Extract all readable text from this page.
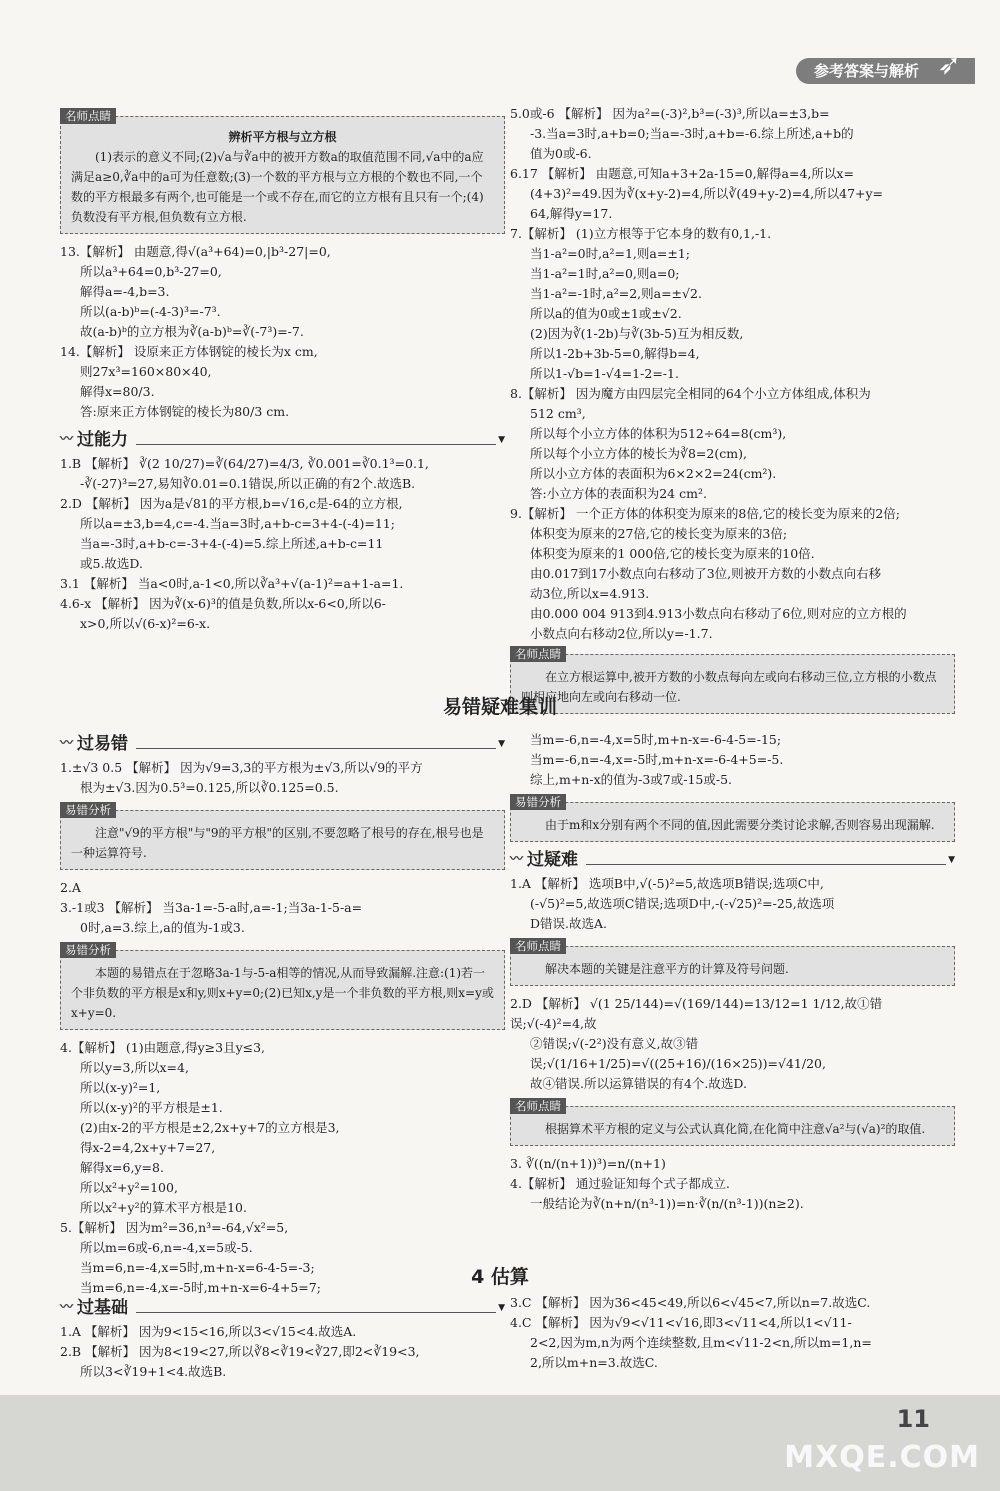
参考答案与解析 ➶
名师点睛
辨析平方根与立方根
(1)表示的意义不同;(2)√a与∛a中的被开方数a的取值范围不同,√a中的a应满足a≥0,∛a中的a可为任意数;(3)一个数的平方根与立方根的个数也不同,一个数的平方根最多有两个,也可能是一个或不存在,而它的立方根有且只有一个;(4)负数没有平方根,但负数有立方根.
13.【解析】 由题意,得√(a³+64)=0,|b³-27|=0,
所以a³+64=0,b³-27=0,
解得a=-4,b=3.
所以(a-b)ᵇ=(-4-3)³=-7³.
故(a-b)ᵇ的立方根为∛(a-b)ᵇ=∛(-7³)=-7.
14.【解析】 设原来正方体钢锭的棱长为x cm,
则27x³=160×80×40,
解得x=80/3.
答:原来正方体钢锭的棱长为80/3 cm.
〰 过能力	▼
1.B 【解析】 ∛(2 10/27)=∛(64/27)=4/3, ∛0.001=∛0.1³=0.1,
-∛(-27)³=27,易知∛0.01=0.1错误,所以正确的有2个.故选B.
2.D 【解析】 因为a是√81的平方根,b=√16,c是-64的立方根,
所以a=±3,b=4,c=-4.当a=3时,a+b-c=3+4-(-4)=11;
当a=-3时,a+b-c=-3+4-(-4)=5.综上所述,a+b-c=11
或5.故选D.
3.1 【解析】 当a<0时,a-1<0,所以∛a³+√(a-1)²=a+1-a=1.
4.6-x 【解析】 因为∛(x-6)³的值是负数,所以x-6<0,所以6-
x>0,所以√(6-x)²=6-x.
5.0或-6 【解析】 因为a²=(-3)²,b³=(-3)³,所以a=±3,b=
-3.当a=3时,a+b=0;当a=-3时,a+b=-6.综上所述,a+b的
值为0或-6.
6.17 【解析】 由题意,可知a+3+2a-15=0,解得a=4,所以x=
(4+3)²=49.因为∛(x+y-2)=4,所以∛(49+y-2)=4,所以47+y=
64,解得y=17.
7.【解析】 (1)立方根等于它本身的数有0,1,-1.
当1-a²=0时,a²=1,则a=±1;
当1-a²=1时,a²=0,则a=0;
当1-a²=-1时,a²=2,则a=±√2.
所以a的值为0或±1或±√2.
(2)因为∛(1-2b)与∛(3b-5)互为相反数,
所以1-2b+3b-5=0,解得b=4,
所以1-√b=1-√4=1-2=-1.
8.【解析】 因为魔方由四层完全相同的64个小立方体组成,体积为
512 cm³,
所以每个小立方体的体积为512÷64=8(cm³),
所以每个小立方体的棱长为∛8=2(cm),
所以小立方体的表面积为6×2×2=24(cm²).
答:小立方体的表面积为24 cm².
9.【解析】 一个正方体的体积变为原来的8倍,它的棱长变为原来的2倍;
体积变为原来的27倍,它的棱长变为原来的3倍;
体积变为原来的1 000倍,它的棱长变为原来的10倍.
由0.017到17小数点向右移动了3位,则被开方数的小数点向右移
动3位,所以x=4.913.
由0.000 004 913到4.913小数点向右移动了6位,则对应的立方根的
小数点向右移动2位,所以y=-1.7.
名师点睛
在立方根运算中,被开方数的小数点每向左或向右移动三位,立方根的小数点则相应地向左或向右移动一位.
易错疑难集训
〰 过易错	▼
1.±√3 0.5 【解析】 因为√9=3,3的平方根为±√3,所以√9的平方
根为±√3.因为0.5³=0.125,所以∛0.125=0.5.
易错分析
注意"√9的平方根"与"9的平方根"的区别,不要忽略了根号的存在,根号也是一种运算符号.
2.A
3.-1或3 【解析】 当3a-1=-5-a时,a=-1;当3a-1-5-a=
0时,a=3.综上,a的值为-1或3.
易错分析
本题的易错点在于忽略3a-1与-5-a相等的情况,从而导致漏解.注意:(1)若一个非负数的平方根是x和y,则x+y=0;(2)已知x,y是一个非负数的平方根,则x=y或x+y=0.
4.【解析】 (1)由题意,得y≥3且y≤3,
所以y=3,所以x=4,
所以(x-y)²=1,
所以(x-y)²的平方根是±1.
(2)由x-2的平方根是±2,2x+y+7的立方根是3,
得x-2=4,2x+y+7=27,
解得x=6,y=8.
所以x²+y²=100,
所以x²+y²的算术平方根是10.
5.【解析】 因为m²=36,n³=-64,√x²=5,
所以m=6或-6,n=-4,x=5或-5.
当m=6,n=-4,x=5时,m+n-x=6-4-5=-3;
当m=6,n=-4,x=-5时,m+n-x=6-4+5=7;
当m=-6,n=-4,x=5时,m+n-x=-6-4-5=-15;
当m=-6,n=-4,x=-5时,m+n-x=-6-4+5=-5.
综上,m+n-x的值为-3或7或-15或-5.
易错分析
由于m和x分别有两个不同的值,因此需要分类讨论求解,否则容易出现漏解.
〰 过疑难	▼
1.A 【解析】 选项B中,√(-5)²=5,故选项B错误;选项C中,
(-√5)²=5,故选项C错误;选项D中,-(-√25)²=-25,故选项
D错误.故选A.
名师点睛
解决本题的关键是注意平方的计算及符号问题.
2.D 【解析】 √(1 25/144)=√(169/144)=13/12=1 1/12,故①错误;√(-4)²=4,故
②错误;√(-2²)没有意义,故③错误;√(1/16+1/25)=√((25+16)/(16×25))=√41/20,
故④错误.所以运算错误的有4个.故选D.
名师点睛
根据算术平方根的定义与公式认真化简,在化简中注意√a²与(√a)²的取值.
3. ∛((n/(n+1))³)=n/(n+1)
4.【解析】 通过验证知每个式子都成立.
一般结论为∛(n+n/(n³-1))=n·∛(n/(n³-1))(n≥2).
4 估算
〰 过基础	▼
1.A 【解析】 因为9<15<16,所以3<√15<4.故选A.
2.B 【解析】 因为8<19<27,所以∛8<∛19<∛27,即2<∛19<3,
所以3<∛19+1<4.故选B.
3.C 【解析】 因为36<45<49,所以6<√45<7,所以n=7.故选C.
4.C 【解析】 因为√9<√11<√16,即3<√11<4,所以1<√11-
2<2,因为m,n为两个连续整数,且m<√11-2<n,所以m=1,n=
2,所以m+n=3.故选C.
11
MXQE.COM
